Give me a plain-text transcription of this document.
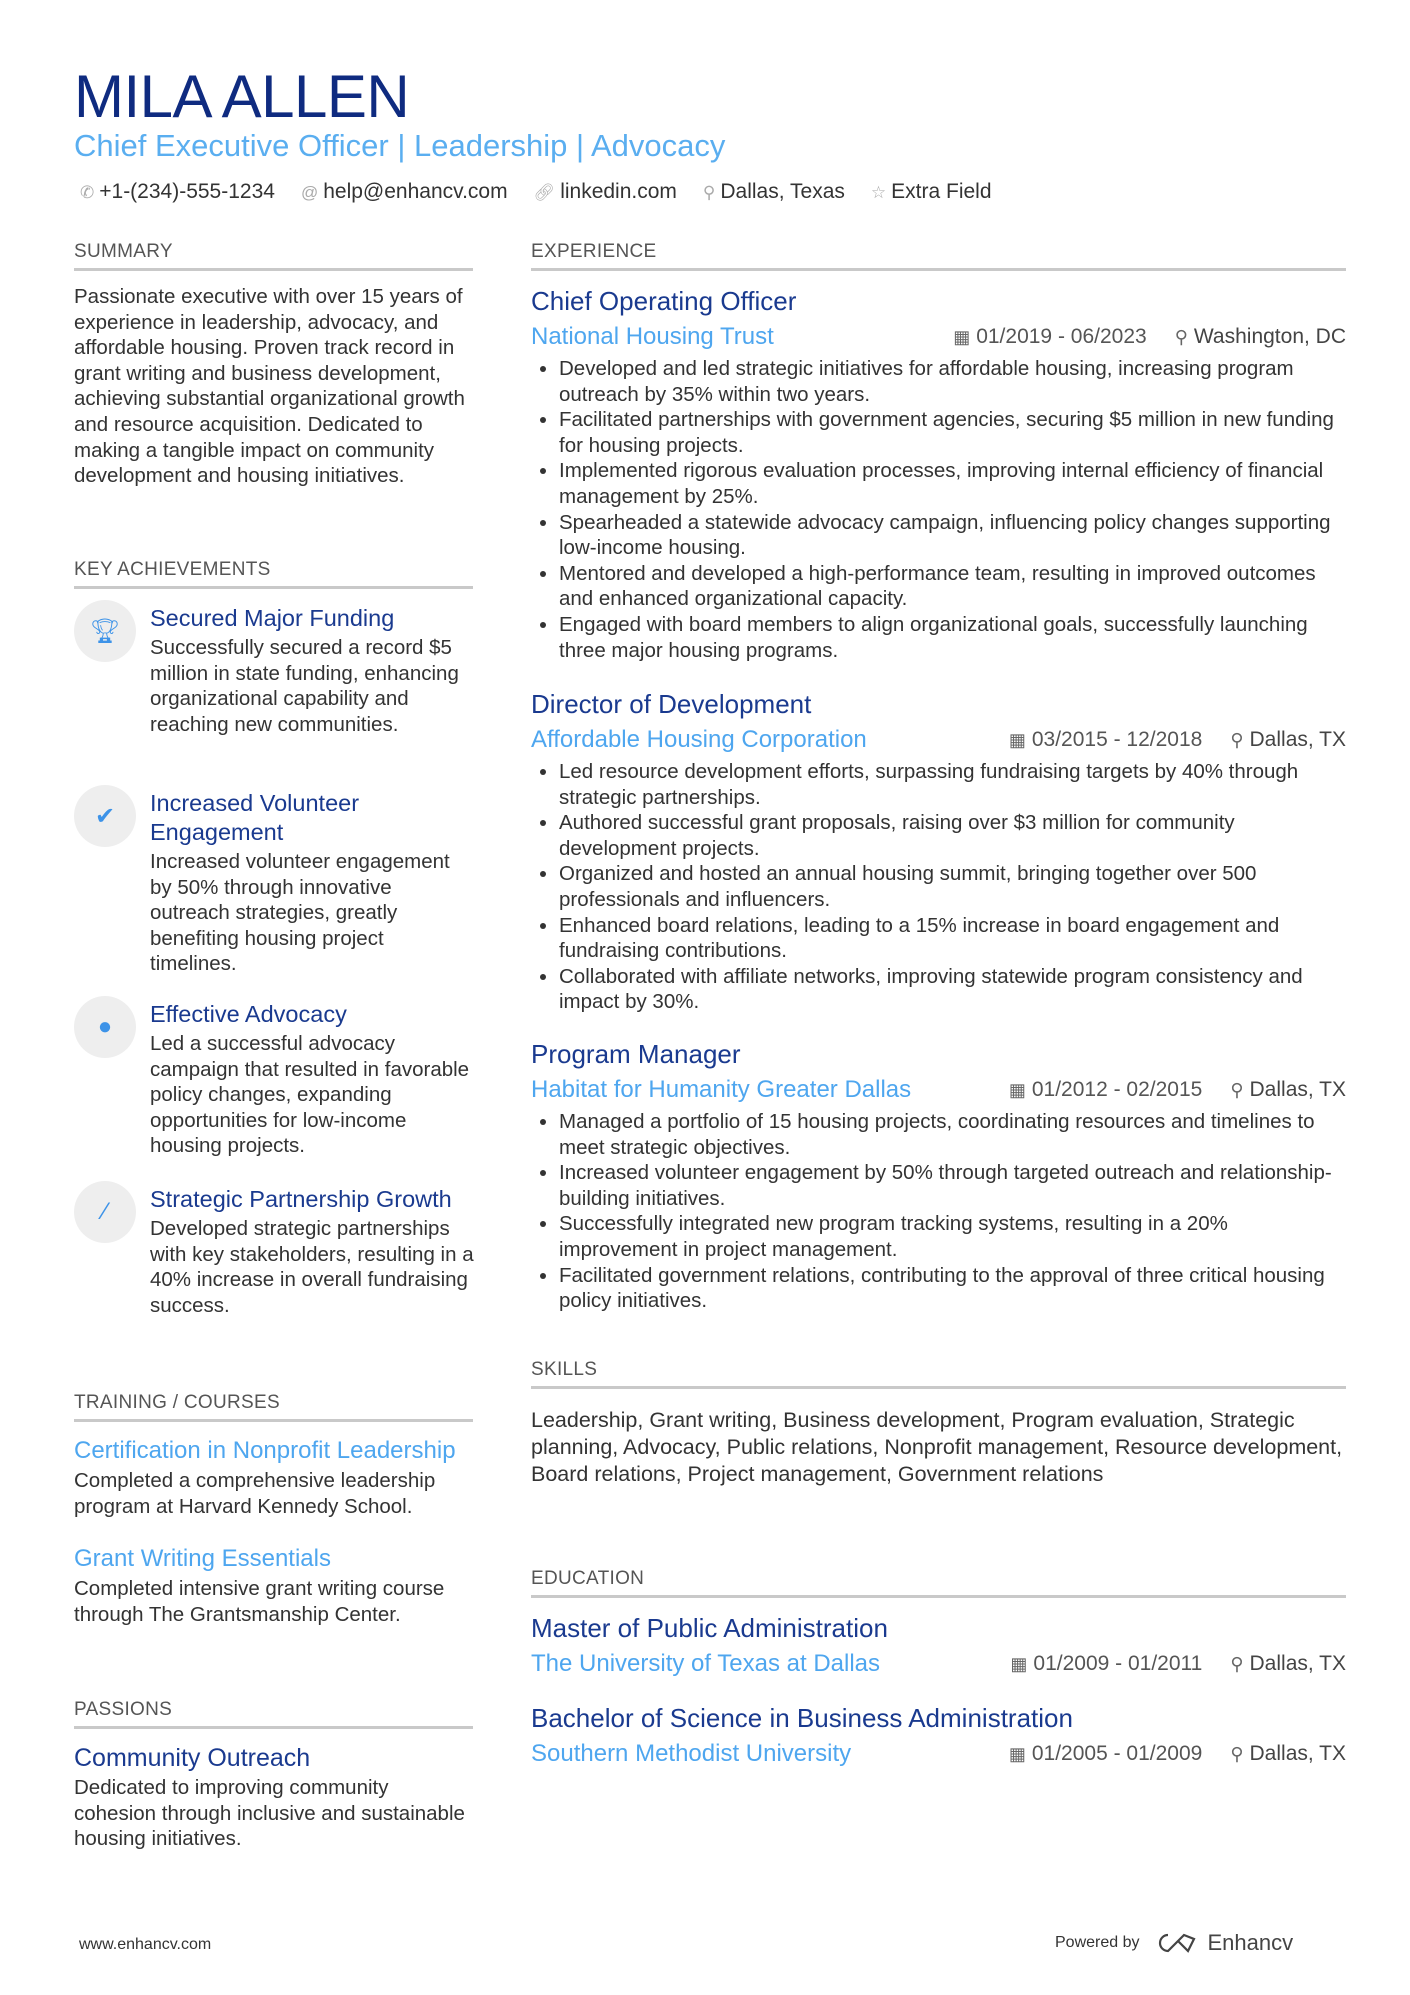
MILA ALLEN
Chief Executive Officer | Leadership | Advocacy
✆ +1-(234)-555-1234 @ help@enhancv.com 🔗︎ linkedin.com ⚲ Dallas, Texas ☆ Extra Field
SUMMARY
Passionate executive with over 15 years of experience in leadership, advocacy, and affordable housing. Proven track record in grant writing and business development, achieving substantial organizational growth and resource acquisition. Dedicated to making a tangible impact on community development and housing initiatives.
KEY ACHIEVEMENTS
🏆︎ Secured Major Funding
Successfully secured a record $5 million in state funding, enhancing organizational capability and reaching new communities.
✔ Increased Volunteer Engagement
Increased volunteer engagement by 50% through innovative outreach strategies, greatly benefiting housing project timelines.
● Effective Advocacy
Led a successful advocacy campaign that resulted in favorable policy changes, expanding opportunities for low-income housing projects.
⁄ Strategic Partnership Growth
Developed strategic partnerships with key stakeholders, resulting in a 40% increase in overall fundraising success.
TRAINING / COURSES
Certification in Nonprofit Leadership
Completed a comprehensive leadership program at Harvard Kennedy School.
Grant Writing Essentials
Completed intensive grant writing course through The Grantsmanship Center.
PASSIONS
Community Outreach
Dedicated to improving community cohesion through inclusive and sustainable housing initiatives.
EXPERIENCE
Chief Operating Officer
National Housing Trust	▦ 01/2019 - 06/2023 ⚲ Washington, DC
• Developed and led strategic initiatives for affordable housing, increasing program outreach by 35% within two years.
• Facilitated partnerships with government agencies, securing $5 million in new funding for housing projects.
• Implemented rigorous evaluation processes, improving internal efficiency of financial management by 25%.
• Spearheaded a statewide advocacy campaign, influencing policy changes supporting low-income housing.
• Mentored and developed a high-performance team, resulting in improved outcomes and enhanced organizational capacity.
• Engaged with board members to align organizational goals, successfully launching three major housing programs.
Director of Development
Affordable Housing Corporation	▦ 03/2015 - 12/2018 ⚲ Dallas, TX
• Led resource development efforts, surpassing fundraising targets by 40% through strategic partnerships.
• Authored successful grant proposals, raising over $3 million for community development projects.
• Organized and hosted an annual housing summit, bringing together over 500 professionals and influencers.
• Enhanced board relations, leading to a 15% increase in board engagement and fundraising contributions.
• Collaborated with affiliate networks, improving statewide program consistency and impact by 30%.
Program Manager
Habitat for Humanity Greater Dallas	▦ 01/2012 - 02/2015 ⚲ Dallas, TX
• Managed a portfolio of 15 housing projects, coordinating resources and timelines to meet strategic objectives.
• Increased volunteer engagement by 50% through targeted outreach and relationship-building initiatives.
• Successfully integrated new program tracking systems, resulting in a 20% improvement in project management.
• Facilitated government relations, contributing to the approval of three critical housing policy initiatives.
SKILLS
Leadership, Grant writing, Business development, Program evaluation, Strategic planning, Advocacy, Public relations, Nonprofit management, Resource development, Board relations, Project management, Government relations
EDUCATION
Master of Public Administration
The University of Texas at Dallas	▦ 01/2009 - 01/2011 ⚲ Dallas, TX
Bachelor of Science in Business Administration
Southern Methodist University	▦ 01/2005 - 01/2009 ⚲ Dallas, TX
www.enhancv.com	Powered by	Enhancv
